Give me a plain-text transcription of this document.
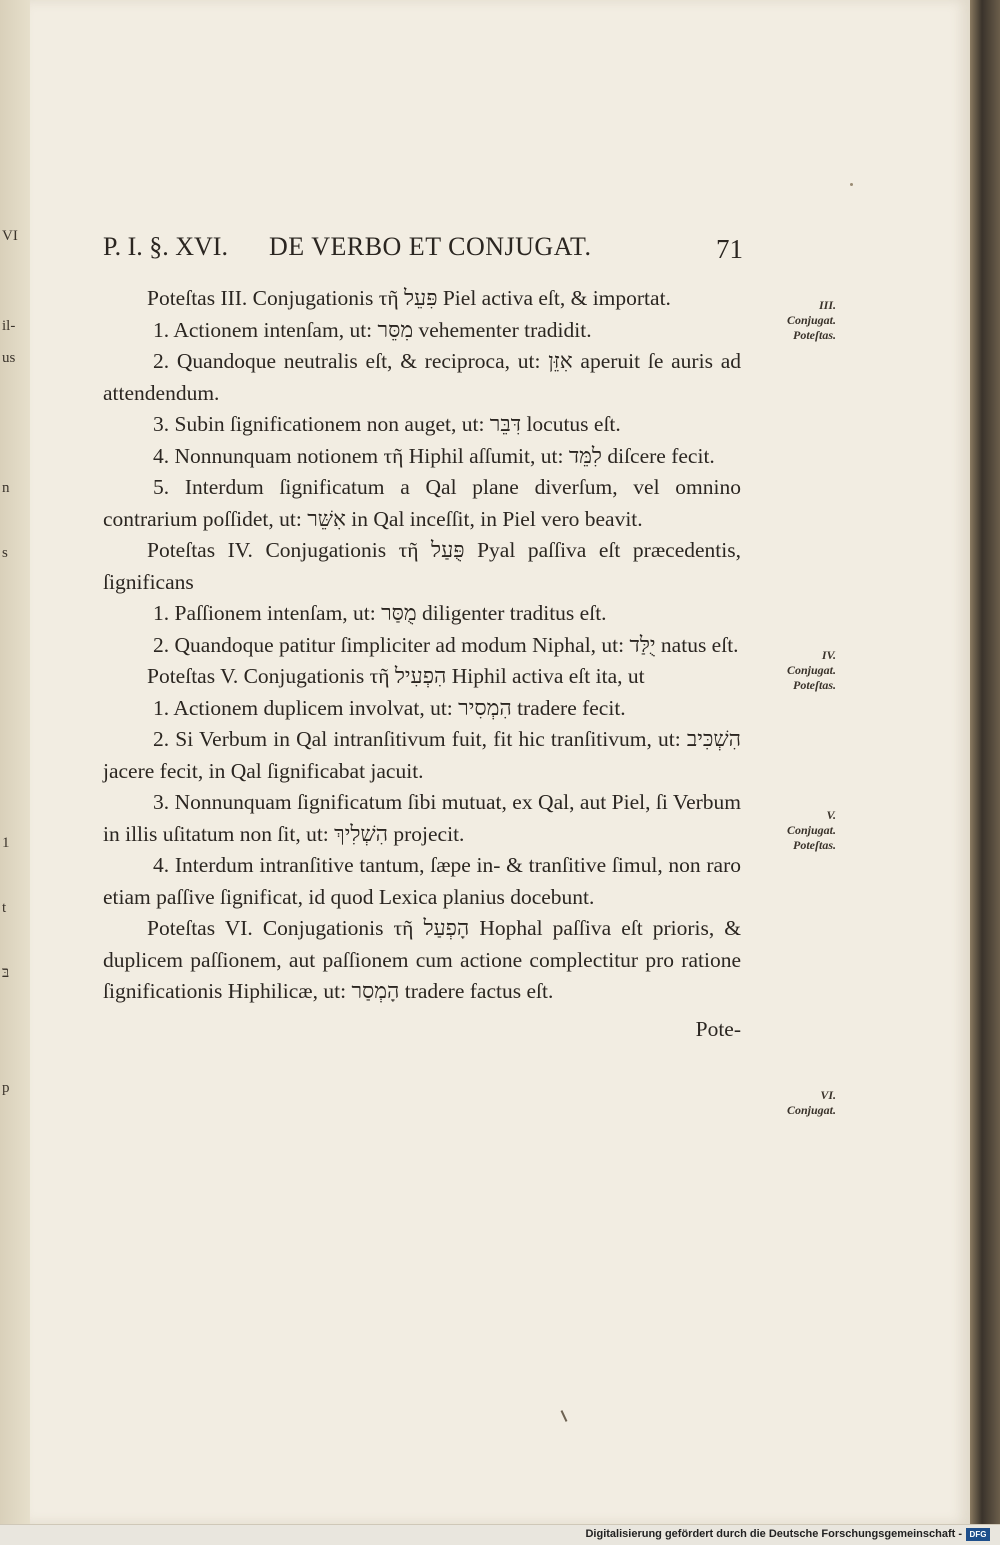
VI
il-
us
n
s
1
t
בּ
p
P. I. §. XVI. DE VERBO ET CONJUGAT.	71

Poteſtas III. Conjugationis τῆ פִּעֵל Piel activa eſt, & importat.

1. Actionem intenſam, ut: מִסֵּר vehementer tradidit.

2. Quandoque neutralis eſt, & reciproca, ut: אִזֵּן aperuit ſe auris ad attendendum.

3. Subin ſignificationem non auget, ut: דִּבֵּר locutus eſt.

4. Nonnunquam notionem τῆ Hiphil aſſumit, ut: לִמֵּד diſcere fecit.

5. Interdum ſignificatum a Qal plane diverſum, vel omnino contrarium poſſidet, ut: אִשֵּׁר in Qal inceſſit, in Piel vero beavit.

Poteſtas IV. Conjugationis τῆ פֻּעַל Pyal paſſiva eſt præcedentis, ſignificans

1. Paſſionem intenſam, ut: מֻסַּר diligenter traditus eſt.

2. Quandoque patitur ſimpliciter ad modum Niphal, ut: יֻלַּד natus eſt.

Poteſtas V. Conjugationis τῆ הִפְעִיל Hiphil activa eſt ita, ut

1. Actionem duplicem involvat, ut: הִמְסִיר tradere fecit.

2. Si Verbum in Qal intranſitivum fuit, fit hic tranſitivum, ut: הִשְׁכִּיב jacere fecit, in Qal ſignificabat jacuit.

3. Nonnunquam ſignificatum ſibi mutuat, ex Qal, aut Piel, ſi Verbum in illis uſitatum non ſit, ut: הִשְׁלִיךְ projecit.

4. Interdum intranſitive tantum, ſæpe in- & tranſitive ſimul, non raro etiam paſſive ſignificat, id quod Lexica planius docebunt.

Poteſtas VI. Conjugationis τῆ הָפְעַל Hophal paſſiva eſt prioris, & duplicem paſſionem, aut paſſionem cum actione complectitur pro ratione ſignificationis Hiphilicæ, ut: הָמְסַר tradere factus eſt.

Pote-

III.
Conjugat.
Poteſtas.
IV.
Conjugat.
Poteſtas.
V.
Conjugat.
Poteſtas.
VI.
Conjugat.
Digitalisierung gefördert durch die Deutsche Forschungsgemeinschaft - DFG
